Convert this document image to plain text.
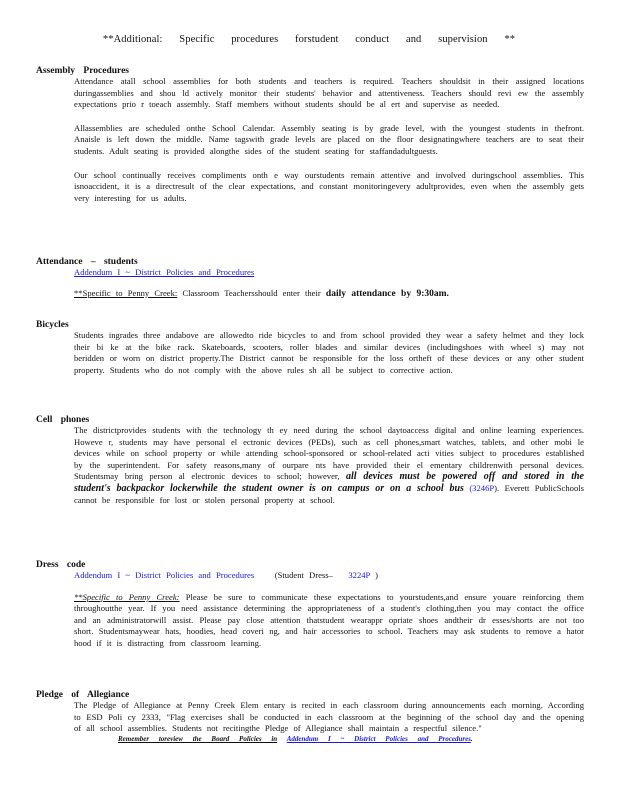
**Additional: Specific procedures forstudent conduct and supervision **

Assembly Procedures

Attendance atall school assemblies for both students and teachers is required. Teachers shouldsit in their assigned locations duringassemblies and shou ld actively monitor their students' behavior and attentiveness. Teachers should revi ew the assembly expectations prio r toeach assembly. Staff members without students should be al ert and supervise as needed.

Allassemblies are scheduled onthe School Calendar. Assembly seating is by grade level, with the youngest students in thefront. Anaisle is left down the middle. Name tagswith grade levels are placed on the floor designatingwhere teachers are to seat their students. Adult seating is provided alongthe sides of the student seating for staffandadultguests.

Our school continually receives compliments onth e way ourstudents remain attentive and involved duringschool assemblies. This isnoaccident, it is a directresult of the clear expectations, and constant monitoringevery adultprovides, even when the assembly gets very interesting for us adults.

Attendance – students

Addendum I ~ District Policies and Procedures

**Specific to Penny Creek: Classroom Teachersshould enter their daily attendance by 9:30am.

Bicycles

Students ingrades three andabove are allowedto ride bicycles to and from school provided they wear a safety helmet and they lock their bi ke at the bike rack. Skateboards, scooters, roller blades and similar devices (includingshoes with wheel s) may not beridden or worn on district property.The District cannot be responsible for the loss ortheft of these devices or any other student property. Students who do not comply with the above rules sh all be subject to corrective action.

Cell phones

The districtprovides students with the technology th ey need during the school daytoaccess digital and online learning experiences. Howeve r, students may have personal el ectronic devices (PEDs), such as cell phones,smart watches, tablets, and other mobi le devices while on school property or while attending school-sponsored or school-related acti vities subject to procedures established by the superintendent. For safety reasons,many of ourpare nts have provided their el ementary childrenwith personal devices. Studentsmay bring person al electronic devices to school; however, all devices must be powered off and stored in the student's backpackor lockerwhile the student owner is on campus or on a school bus (3246P). Everett PublicSchools cannot be responsible for lost or stolen personal property at school.

Dress code

Addendum I ~ District Policies and Procedures (Student Dress– 3224P )

**Specific to Penny Creek: Please be sure to communicate these expectations to yourstudents,and ensure youare reinforcing them throughoutthe year. If you need assistance determining the appropriateness of a student's clothing,then you may contact the office and an administratorwill assist. Please pay close attention thatstudent wearappr opriate shoes andtheir dr esses/shorts are not too short. Studentsmaywear hats, hoodies, head coveri ng, and hair accessories to school. Teachers may ask students to remove a hator hood if it is distracting from classroom learning.

Pledge of Allegiance

The Pledge of Allegiance at Penny Creek Elem entary is recited in each classroom during announcements each morning. According to ESD Poli cy 2333, "Flag exercises shall be conducted in each classroom at the beginning of the school day and the opening of all school assemblies. Students not recitingthe Pledge of Allegiance shall maintain a respectful silence."

Remember toreview the Board Policies in Addendum I ~ District Policies and Procedures.
